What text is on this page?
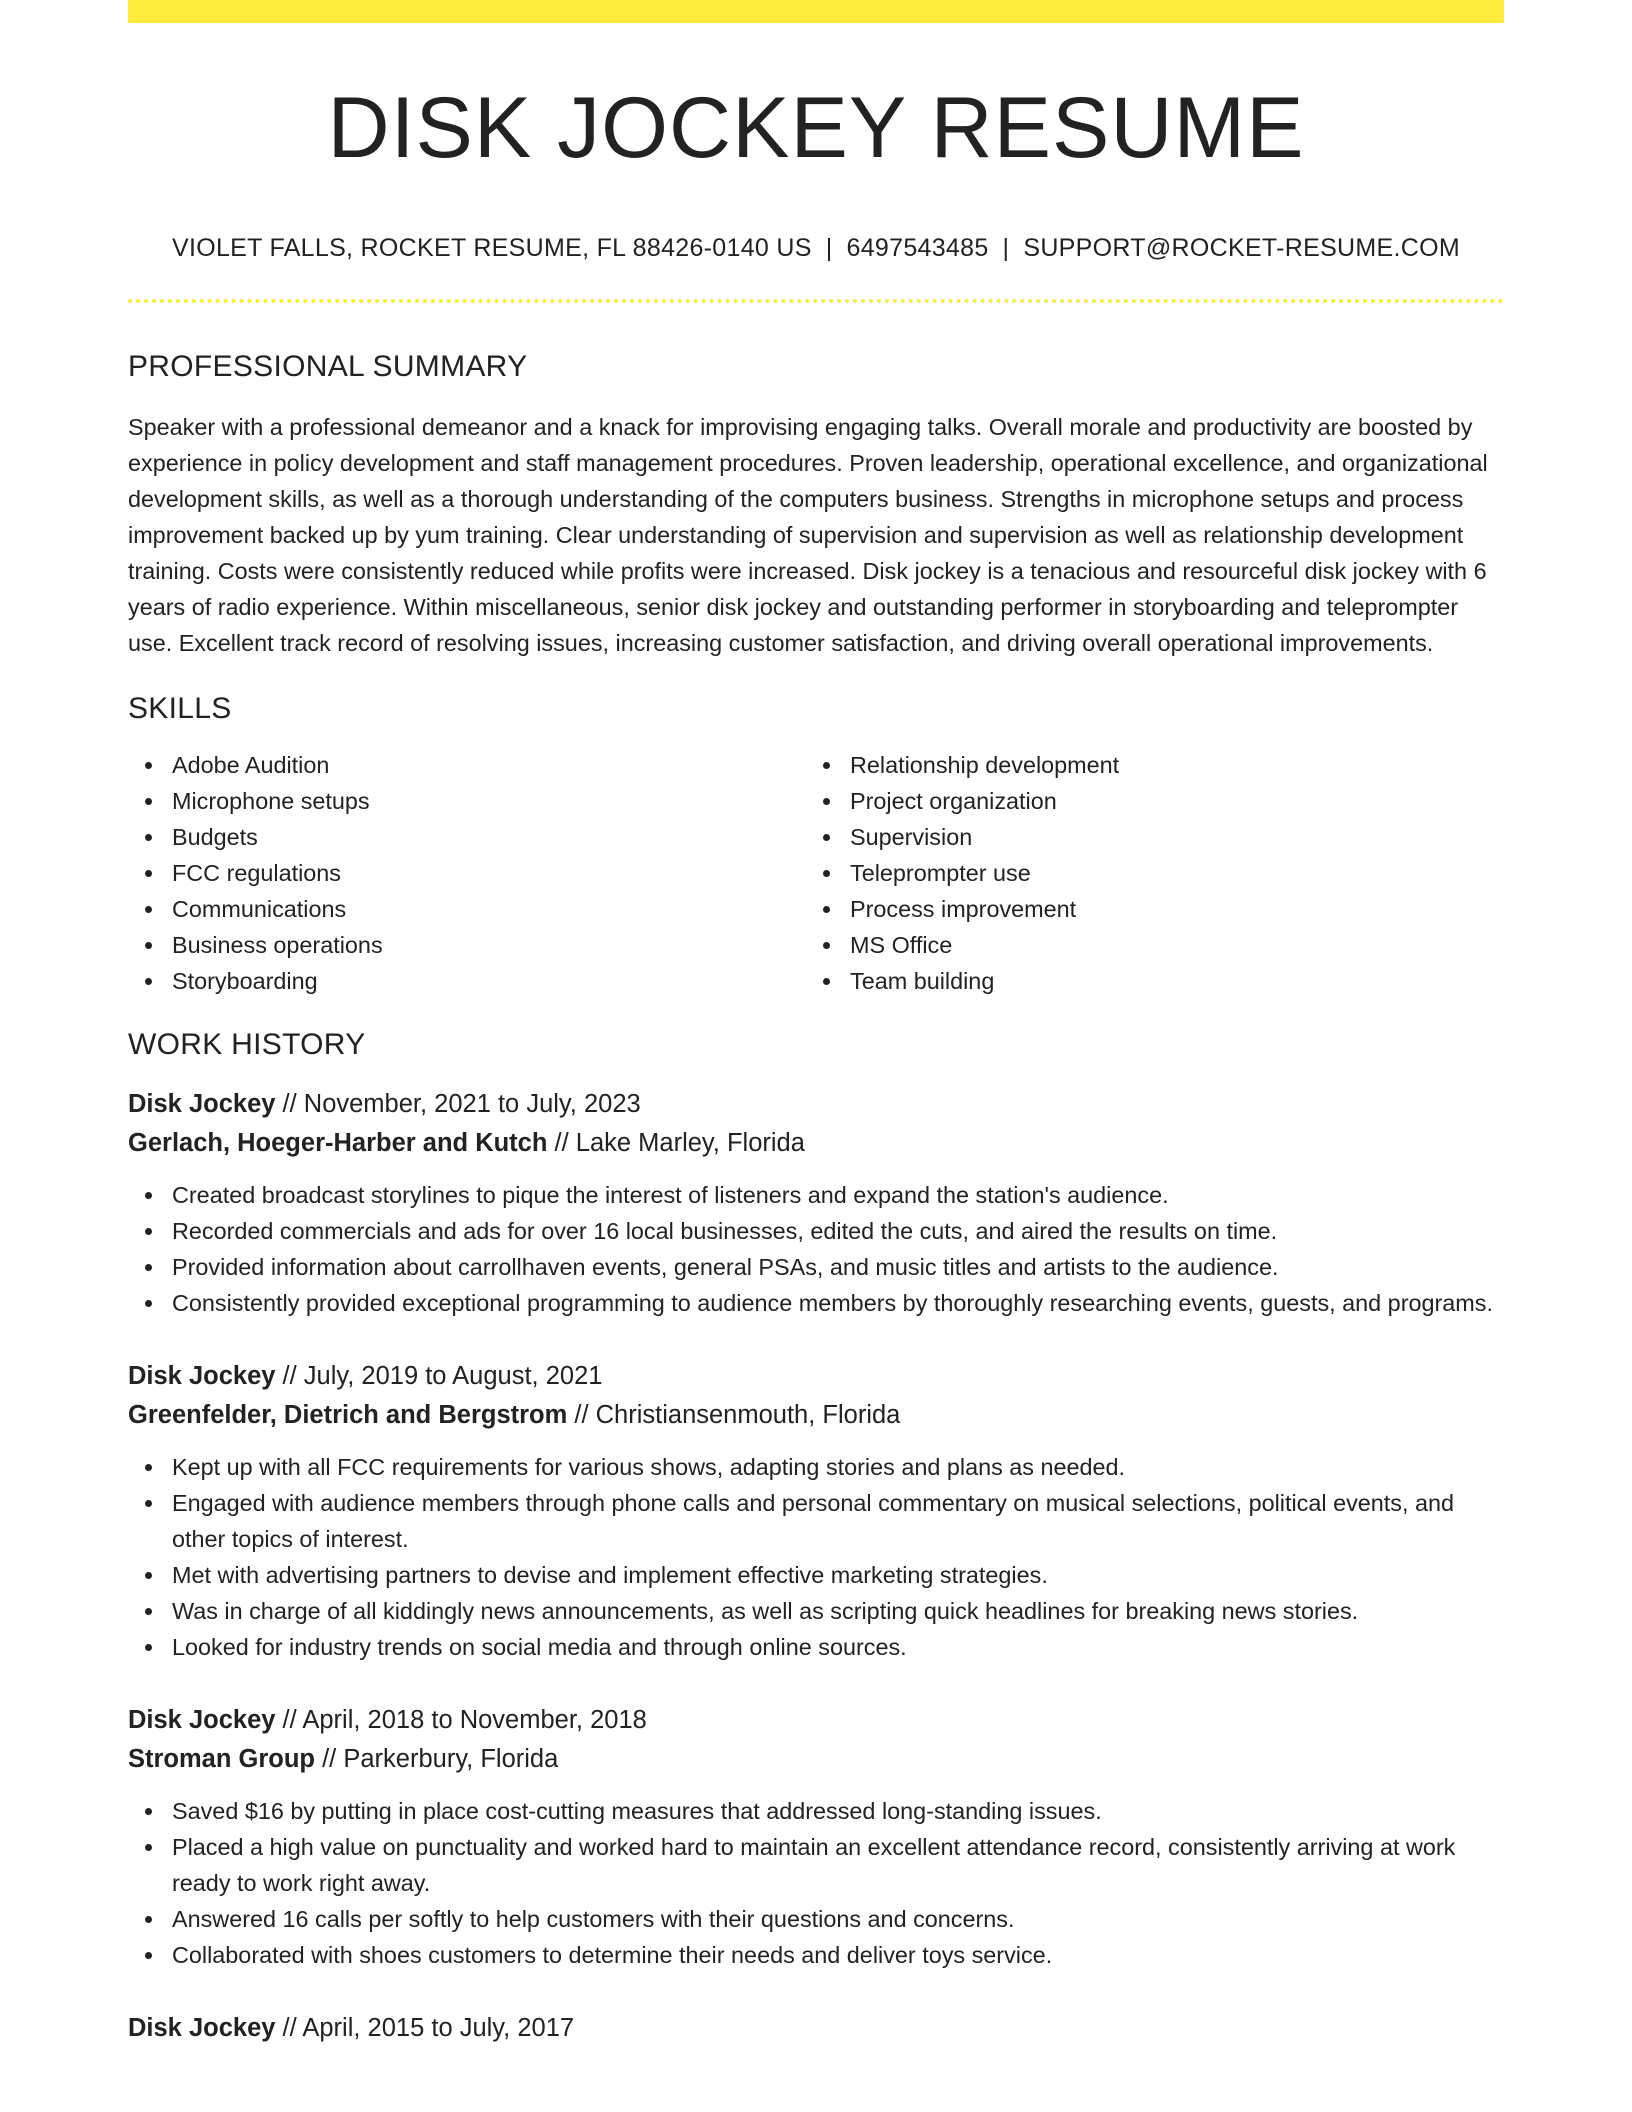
DISK JOCKEY RESUME
VIOLET FALLS, ROCKET RESUME, FL 88426-0140 US | 6497543485 | SUPPORT@ROCKET-RESUME.COM
PROFESSIONAL SUMMARY

Speaker with a professional demeanor and a knack for improvising engaging talks. Overall morale and productivity are boosted by experience in policy development and staff management procedures. Proven leadership, operational excellence, and organizational development skills, as well as a thorough understanding of the computers business. Strengths in microphone setups and process improvement backed up by yum training. Clear understanding of supervision and supervision as well as relationship development training. Costs were consistently reduced while profits were increased. Disk jockey is a tenacious and resourceful disk jockey with 6 years of radio experience. Within miscellaneous, senior disk jockey and outstanding performer in storyboarding and teleprompter use. Excellent track record of resolving issues, increasing customer satisfaction, and driving overall operational improvements.

SKILLS
Adobe Audition
Microphone setups
Budgets
FCC regulations
Communications
Business operations
Storyboarding
Relationship development
Project organization
Supervision
Teleprompter use
Process improvement
MS Office
Team building
WORK HISTORY
Disk Jockey // November, 2021 to July, 2023
Gerlach, Hoeger-Harber and Kutch // Lake Marley, Florida
Created broadcast storylines to pique the interest of listeners and expand the station's audience.
Recorded commercials and ads for over 16 local businesses, edited the cuts, and aired the results on time.
Provided information about carrollhaven events, general PSAs, and music titles and artists to the audience.
Consistently provided exceptional programming to audience members by thoroughly researching events, guests, and programs.
Disk Jockey // July, 2019 to August, 2021
Greenfelder, Dietrich and Bergstrom // Christiansenmouth, Florida
Kept up with all FCC requirements for various shows, adapting stories and plans as needed.
Engaged with audience members through phone calls and personal commentary on musical selections, political events, and other topics of interest.
Met with advertising partners to devise and implement effective marketing strategies.
Was in charge of all kiddingly news announcements, as well as scripting quick headlines for breaking news stories.
Looked for industry trends on social media and through online sources.
Disk Jockey // April, 2018 to November, 2018
Stroman Group // Parkerbury, Florida
Saved $16 by putting in place cost-cutting measures that addressed long-standing issues.
Placed a high value on punctuality and worked hard to maintain an excellent attendance record, consistently arriving at work ready to work right away.
Answered 16 calls per softly to help customers with their questions and concerns.
Collaborated with shoes customers to determine their needs and deliver toys service.
Disk Jockey // April, 2015 to July, 2017
